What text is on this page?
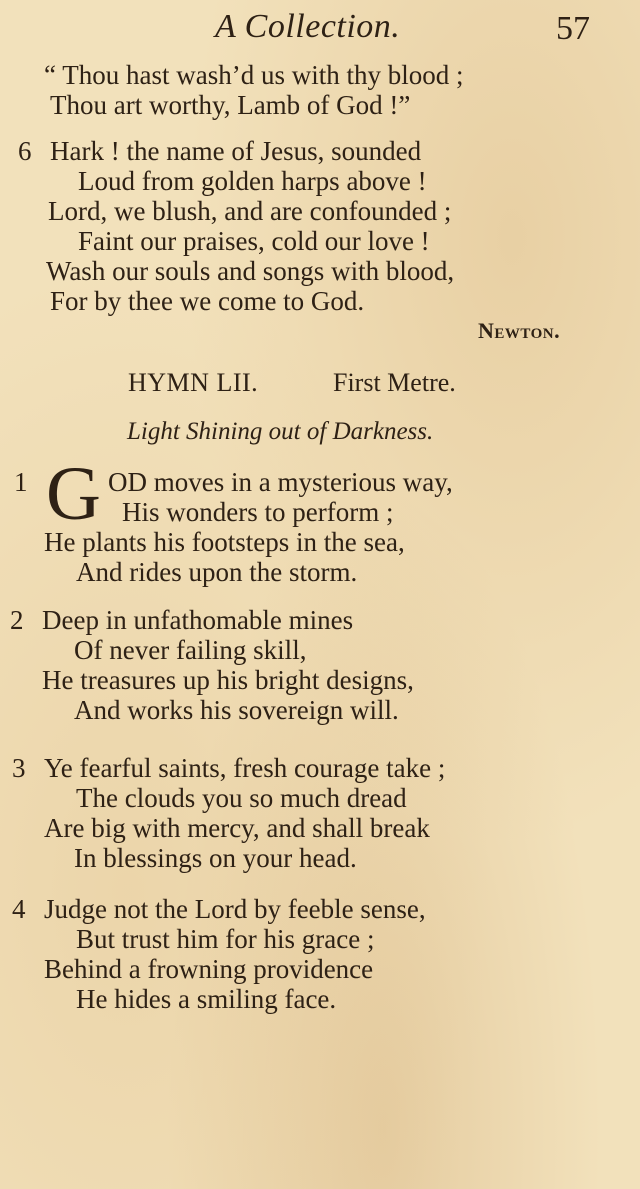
A Collection.	57
“ Thou hast wash’d us with thy blood ;
Thou art worthy, Lamb of God !”
6 Hark ! the name of Jesus, sounded
Loud from golden harps above !
Lord, we blush, and are confounded ;
Faint our praises, cold our love !
Wash our souls and songs with blood,
For by thee we come to God.
Newton.
HYMN LII.	First Metre.
Light Shining out of Darkness.
1 G OD moves in a mysterious way,
His wonders to perform ;
He plants his footsteps in the sea,
And rides upon the storm.
2 Deep in unfathomable mines
Of never failing skill,
He treasures up his bright designs,
And works his sovereign will.
3 Ye fearful saints, fresh courage take ;
The clouds you so much dread
Are big with mercy, and shall break
In blessings on your head.
4 Judge not the Lord by feeble sense,
But trust him for his grace ;
Behind a frowning providence
He hides a smiling face.
